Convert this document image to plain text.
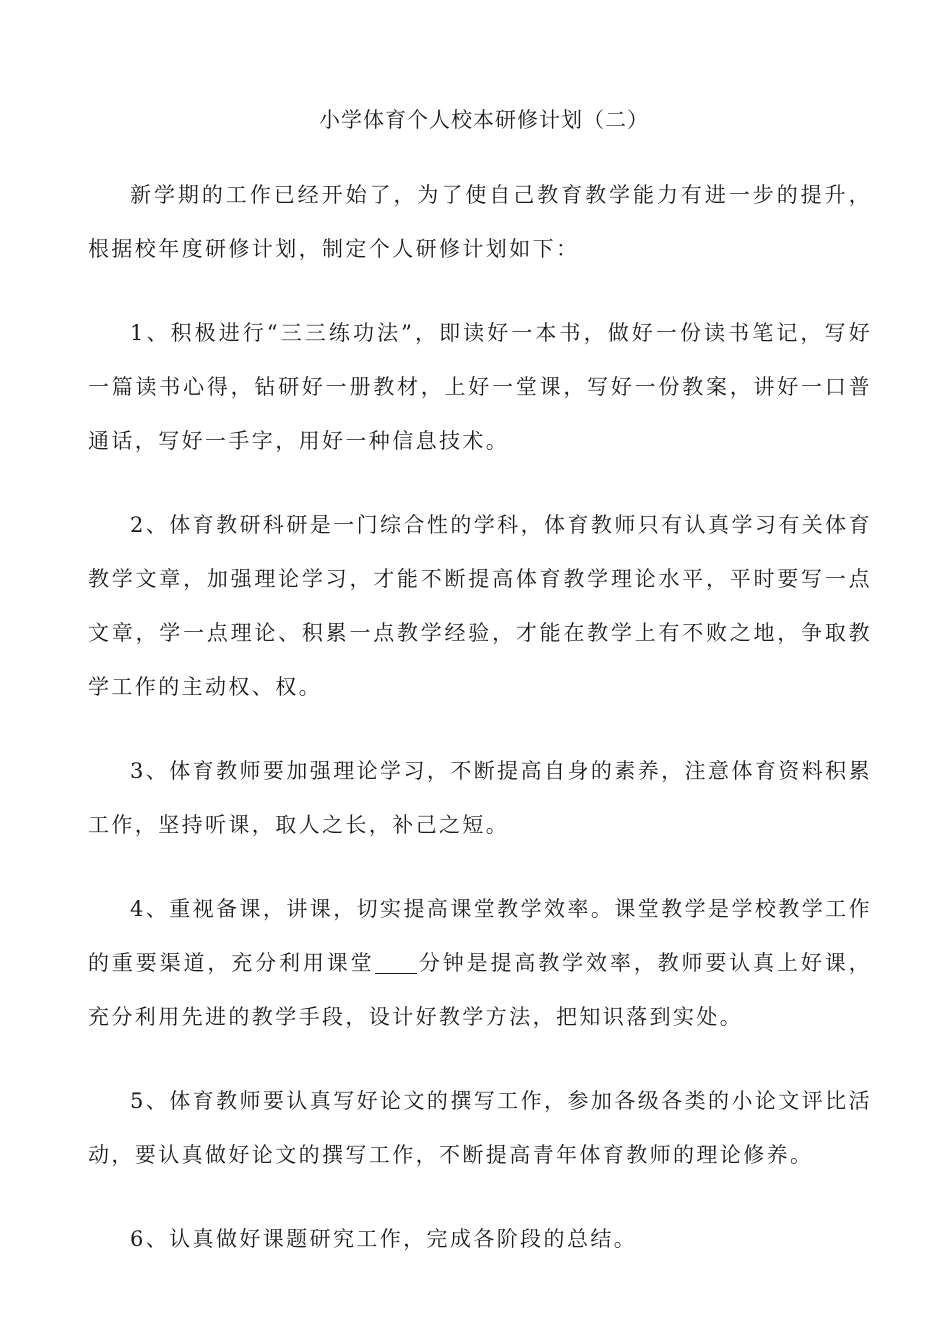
小学体育个人校本研修计划（二）

新学期的工作已经开始了，为了使自己教育教学能力有进一步的提升，根据校年度研修计划，制定个人研修计划如下：

1、积极进行“三三练功法”，即读好一本书，做好一份读书笔记，写好一篇读书心得，钻研好一册教材，上好一堂课，写好一份教案，讲好一口普通话，写好一手字，用好一种信息技术。

2、体育教研科研是一门综合性的学科，体育教师只有认真学习有关体育教学文章，加强理论学习，才能不断提高体育教学理论水平，平时要写一点文章，学一点理论、积累一点教学经验，才能在教学上有不败之地，争取教学工作的主动权、权。

3、体育教师要加强理论学习，不断提高自身的素养，注意体育资料积累工作，坚持听课，取人之长，补己之短。

4、重视备课，讲课，切实提高课堂教学效率。课堂教学是学校教学工作的重要渠道，充分利用课堂 分钟是提高教学效率，教师要认真上好课，充分利用先进的教学手段，设计好教学方法，把知识落到实处。

5、体育教师要认真写好论文的撰写工作，参加各级各类的小论文评比活动，要认真做好论文的撰写工作，不断提高青年体育教师的理论修养。

6、认真做好课题研究工作，完成各阶段的总结。
